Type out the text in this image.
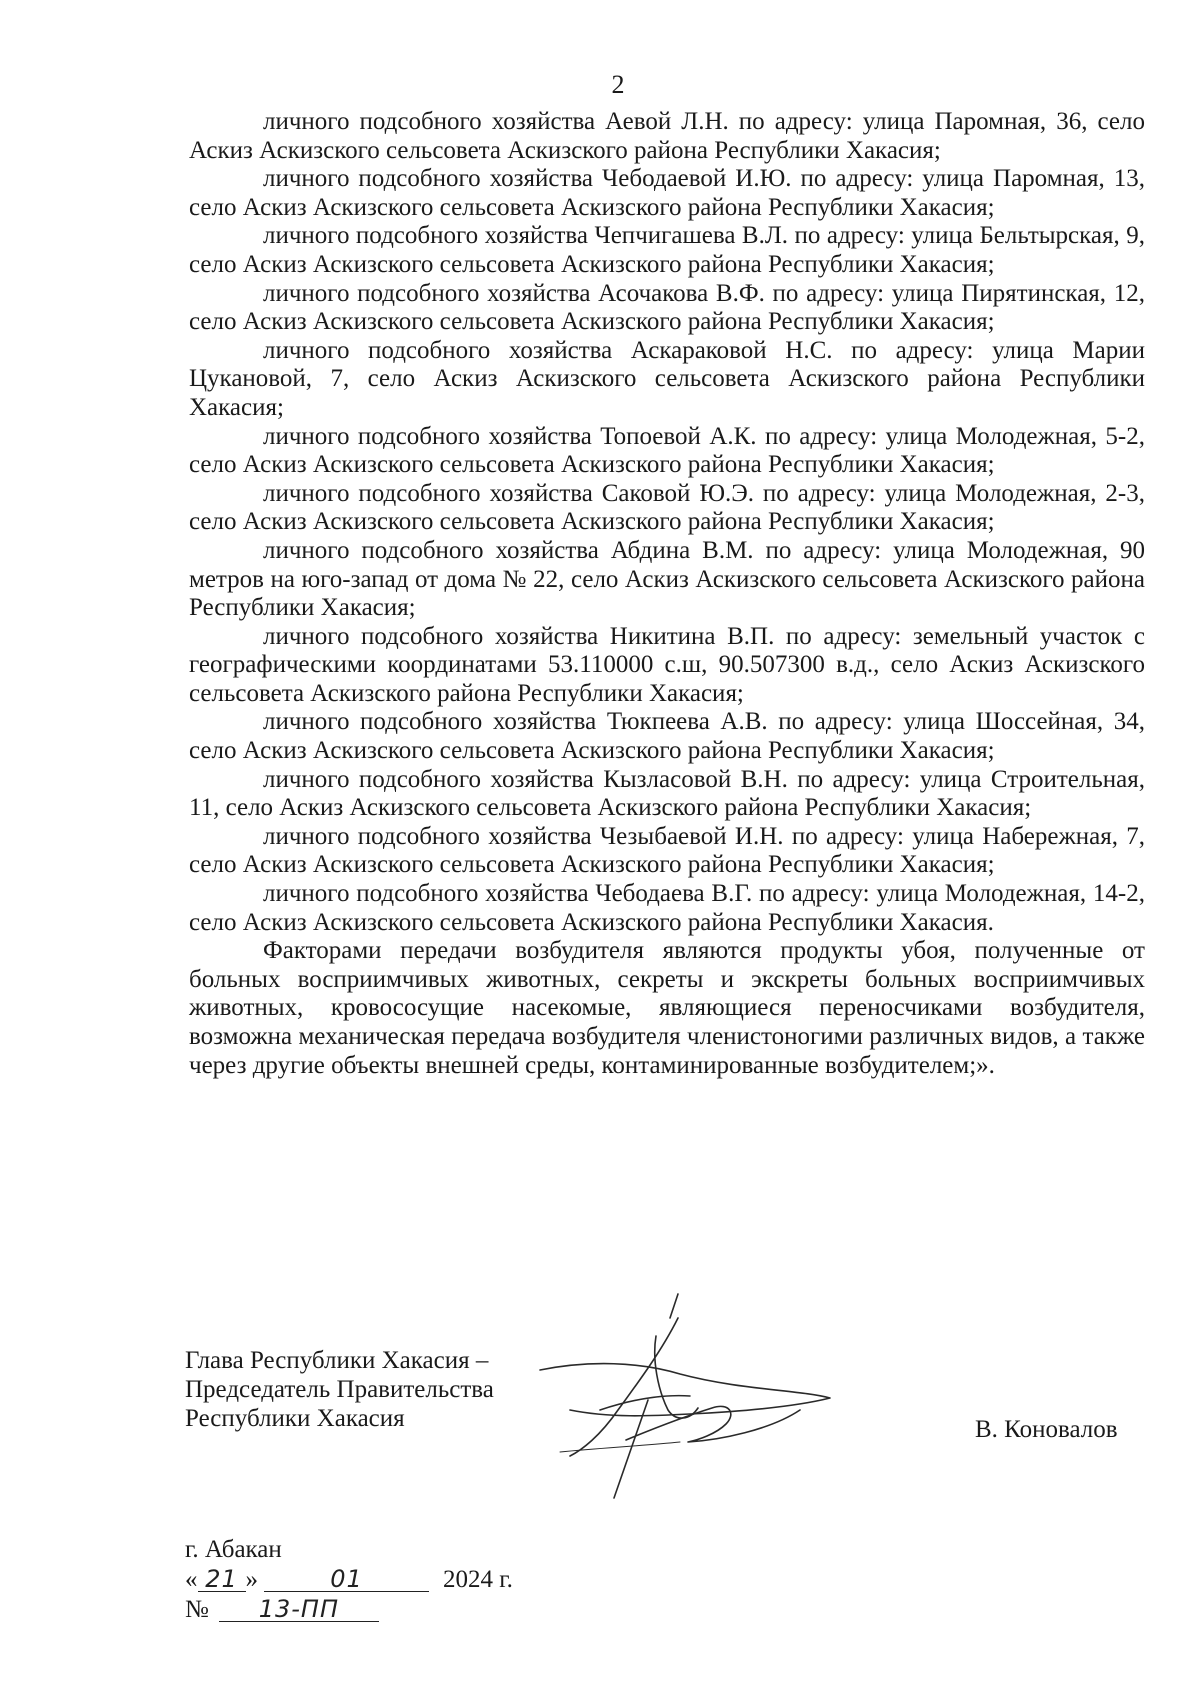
2

личного подсобного хозяйства Аевой Л.Н. по адресу: улица Паромная, 36, село Аскиз Аскизского сельсовета Аскизского района Республики Хакасия;

личного подсобного хозяйства Чебодаевой И.Ю. по адресу: улица Паромная, 13, село Аскиз Аскизского сельсовета Аскизского района Республики Хакасия;

личного подсобного хозяйства Чепчигашева В.Л. по адресу: улица Бельтырская, 9, село Аскиз Аскизского сельсовета Аскизского района Республики Хакасия;

личного подсобного хозяйства Асочакова В.Ф. по адресу: улица Пирятинская, 12, село Аскиз Аскизского сельсовета Аскизского района Республики Хакасия;

личного подсобного хозяйства Аскараковой Н.С. по адресу: улица Марии Цукановой, 7, село Аскиз Аскизского сельсовета Аскизского района Республики Хакасия;

личного подсобного хозяйства Топоевой А.К. по адресу: улица Молодежная, 5-2, село Аскиз Аскизского сельсовета Аскизского района Республики Хакасия;

личного подсобного хозяйства Саковой Ю.Э. по адресу: улица Молодежная, 2-3, село Аскиз Аскизского сельсовета Аскизского района Республики Хакасия;

личного подсобного хозяйства Абдина В.М. по адресу: улица Молодежная, 90 метров на юго-запад от дома № 22, село Аскиз Аскизского сельсовета Аскизского района Республики Хакасия;

личного подсобного хозяйства Никитина В.П. по адресу: земельный участок с географическими координатами 53.110000 с.ш, 90.507300 в.д., село Аскиз Аскизского сельсовета Аскизского района Республики Хакасия;

личного подсобного хозяйства Тюкпеева А.В. по адресу: улица Шоссейная, 34, село Аскиз Аскизского сельсовета Аскизского района Республики Хакасия;

личного подсобного хозяйства Кызласовой В.Н. по адресу: улица Строительная, 11, село Аскиз Аскизского сельсовета Аскизского района Республики Хакасия;

личного подсобного хозяйства Чезыбаевой И.Н. по адресу: улица Набережная, 7, село Аскиз Аскизского сельсовета Аскизского района Республики Хакасия;

личного подсобного хозяйства Чебодаева В.Г. по адресу: улица Молодежная, 14-2, село Аскиз Аскизского сельсовета Аскизского района Республики Хакасия.

Факторами передачи возбудителя являются продукты убоя, полученные от больных восприимчивых животных, секреты и экскреты больных восприимчивых животных, кровососущие насекомые, являющиеся переносчиками возбудителя, возможна механическая передача возбудителя членистоногими различных видов, а также через другие объекты внешней среды, контаминированные возбудителем;».

Глава Республики Хакасия –
Председатель Правительства
Республики Хакасия	В. Коновалов
г. Абакан
« 21 »	01	2024 г.
№ 13-ПП
